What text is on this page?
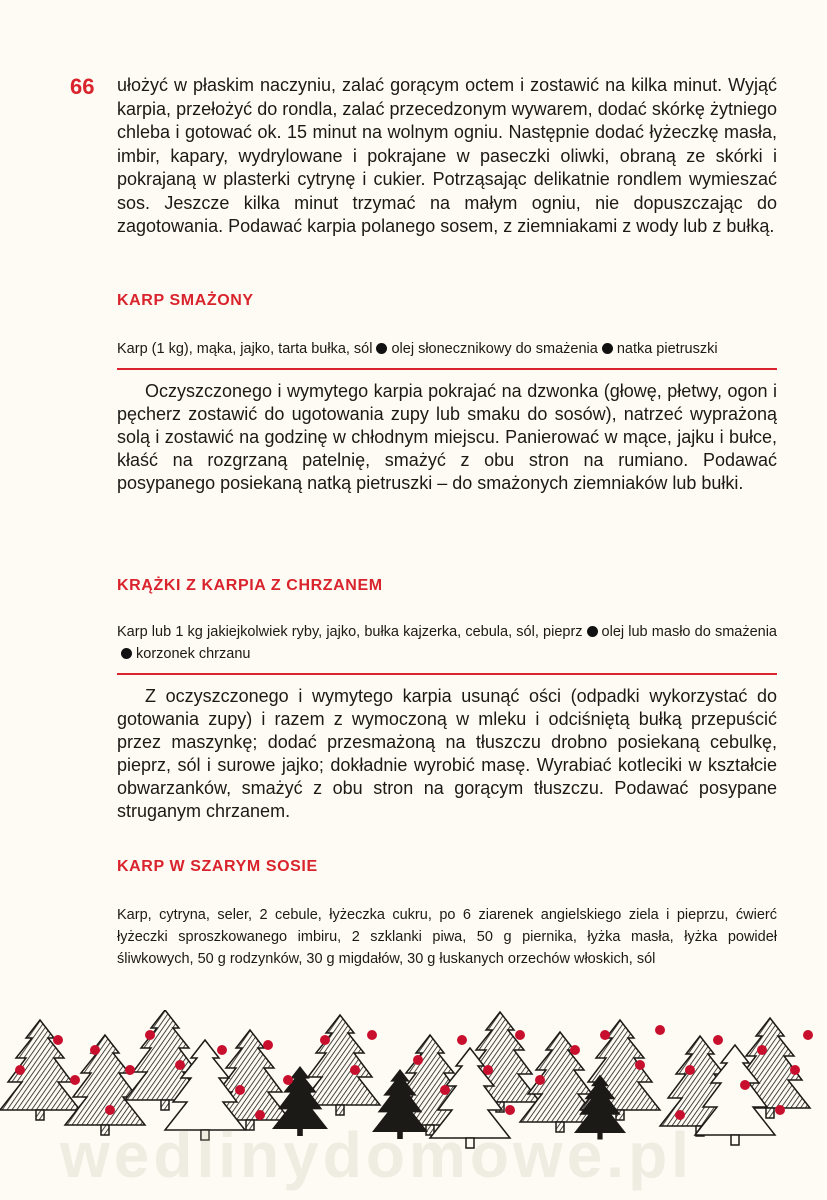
66 ułożyć w płaskim naczyniu, zalać gorącym octem i zostawić na kilka minut. Wyjąć karpia, przełożyć do rondla, zalać przecedzonym wywarem, dodać skórkę żytniego chleba i gotować ok. 15 minut na wolnym ogniu. Następnie dodać łyżeczkę masła, imbir, kapary, wydrylowane i pokrajane w paseczki oliwki, obraną ze skórki i pokrajaną w plasterki cytrynę i cukier. Potrząsając delikatnie rondlem wymieszać sos. Jeszcze kilka minut trzymać na małym ogniu, nie dopuszczając do zagotowania. Podawać karpia polanego sosem, z ziemniakami z wody lub z bułką.

KARP SMAŻONY

Karp (1 kg), mąka, jajko, tarta bułka, sól olej słonecznikowy do smażenia natka pietruszki

Oczyszczonego i wymytego karpia pokrajać na dzwonka (głowę, płetwy, ogon i pęcherz zostawić do ugotowania zupy lub smaku do sosów), natrzeć wyprażoną solą i zostawić na godzinę w chłodnym miejscu. Panierować w mące, jajku i bułce, kłaść na rozgrzaną patelnię, smażyć z obu stron na rumiano. Podawać posypanego posiekaną natką pietruszki – do smażonych ziemniaków lub bułki.

KRĄŻKI Z KARPIA Z CHRZANEM

Karp lub 1 kg jakiejkolwiek ryby, jajko, bułka kajzerka, cebula, sól, pieprz olej lub masło do smażeniakorzonek chrzanu

Z oczyszczonego i wymytego karpia usunąć ości (odpadki wykorzystać do gotowania zupy) i razem z wymoczoną w mleku i odciśniętą bułką przepuścić przez maszynkę; dodać przesmażoną na tłuszczu drobno posiekaną cebulkę, pieprz, sól i surowe jajko; dokładnie wyrobić masę. Wyrabiać kotleciki w kształcie obwarzanków, smażyć z obu stron na gorącym tłuszczu. Podawać posypane struganym chrzanem.

KARP W SZARYM SOSIE

Karp, cytryna, seler, 2 cebule, łyżeczka cukru, po 6 ziarenek angielskiego ziela i pieprzu, ćwierć łyżeczki sproszkowanego imbiru, 2 szklanki piwa, 50 g piernika, łyżka masła, łyżka powideł śliwkowych, 50 g rodzynków, 30 g migdałów, 30 g łuskanych orzechów włoskich, sól

wedlinydomowe.pl
